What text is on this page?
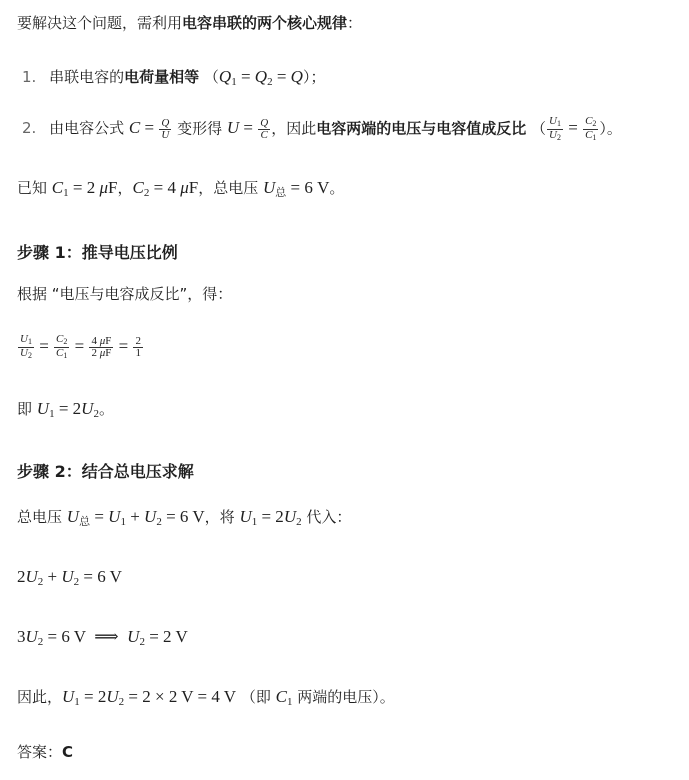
要解决这个问题，需利用电容串联的两个核心规律：
1. 串联电容的电荷量相等 $(Q_1 = Q_2 = Q)$；
2. 由电容公式 $C = \frac{Q}{U}$ 变形得 $U = \frac{Q}{C}$ ，因此电容两端的电压与电容值成反比 （ $\frac{U1}{U2} = \frac{C2}{C1}$ ）。
已知 $C_1 = 2$ μF，$C_2 = 4$ μF，总电压 $U_总 = 6$ V。
步骤 1：推导电压比例
根据 “电压与电容成反比”，得：
$\frac{U1}{U2} = \frac{C2}{C1} = \frac{4 \mu F}{2 \mu F} = \frac{2}{1}$
即 $U_1 = 2U_2$。
步骤 2：结合总电压求解
总电压 $U_总 = U_1 + U_2 = 6$ V，将 $U_1 = 2U_2$ 代入：
$2U_2 + U_2 = 6$ V
$3U_2 = 6$ V  ⟹  $U_2 = 2$ V
因此，$U_1 = 2U_2 = 2 \times 2$ V = 4 V （即 $C_1$ 两端的电压）。
答案：C
